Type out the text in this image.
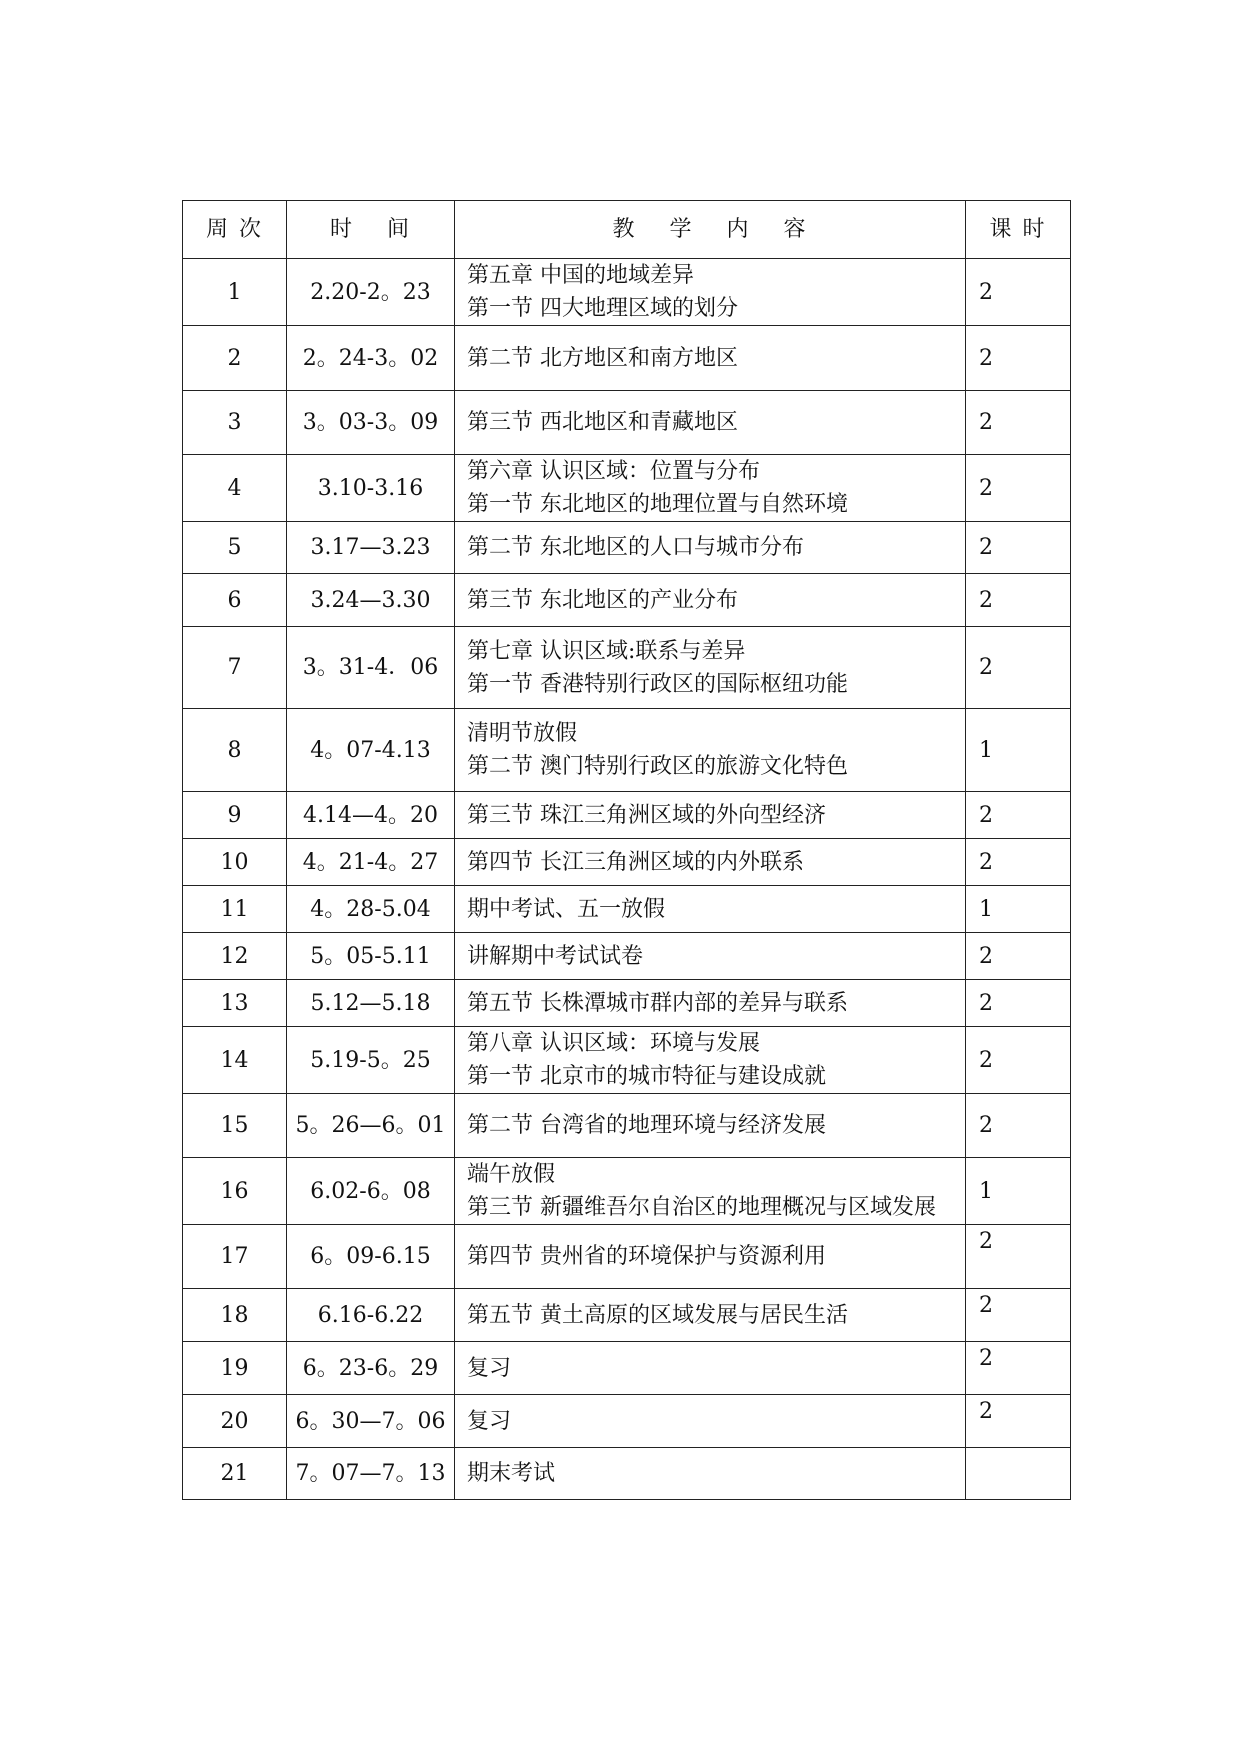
周 次	时　 间	教　 学　 内　 容	课 时
1	2.20-2。23	第五章 中国的地域差异
第一节 四大地理区域的划分	2
2	2。24-3。02	第二节 北方地区和南方地区	2
3	3。03-3。09	第三节 西北地区和青藏地区	2
4	3.10-3.16	第六章 认识区域：位置与分布
第一节 东北地区的地理位置与自然环境	2
5	3.17—3.23	第二节 东北地区的人口与城市分布	2
6	3.24—3.30	第三节 东北地区的产业分布	2
7	3。31-4．06	第七章 认识区域:联系与差异
第一节 香港特别行政区的国际枢纽功能	2
8	4。07-4.13	清明节放假
第二节 澳门特别行政区的旅游文化特色	1
9	4.14—4。20	第三节 珠江三角洲区域的外向型经济	2
10	4。21-4。27	第四节 长江三角洲区域的内外联系	2
11	4。28-5.04	期中考试、五一放假	1
12	5。05-5.11	讲解期中考试试卷	2
13	5.12—5.18	第五节 长株潭城市群内部的差异与联系	2
14	5.19-5。25	第八章 认识区域：环境与发展
第一节 北京市的城市特征与建设成就	2
15	5。26—6。01	第二节 台湾省的地理环境与经济发展	2
16	6.02-6。08	端午放假
第三节 新疆维吾尔自治区的地理概况与区域发展	1
17	6。09-6.15	第四节 贵州省的环境保护与资源利用	2
18	6.16-6.22	第五节 黄土高原的区域发展与居民生活	2
19	6。23-6。29	复习	2
20	6。30—7。06	复习	2
21	7。07—7。13	期末考试	
